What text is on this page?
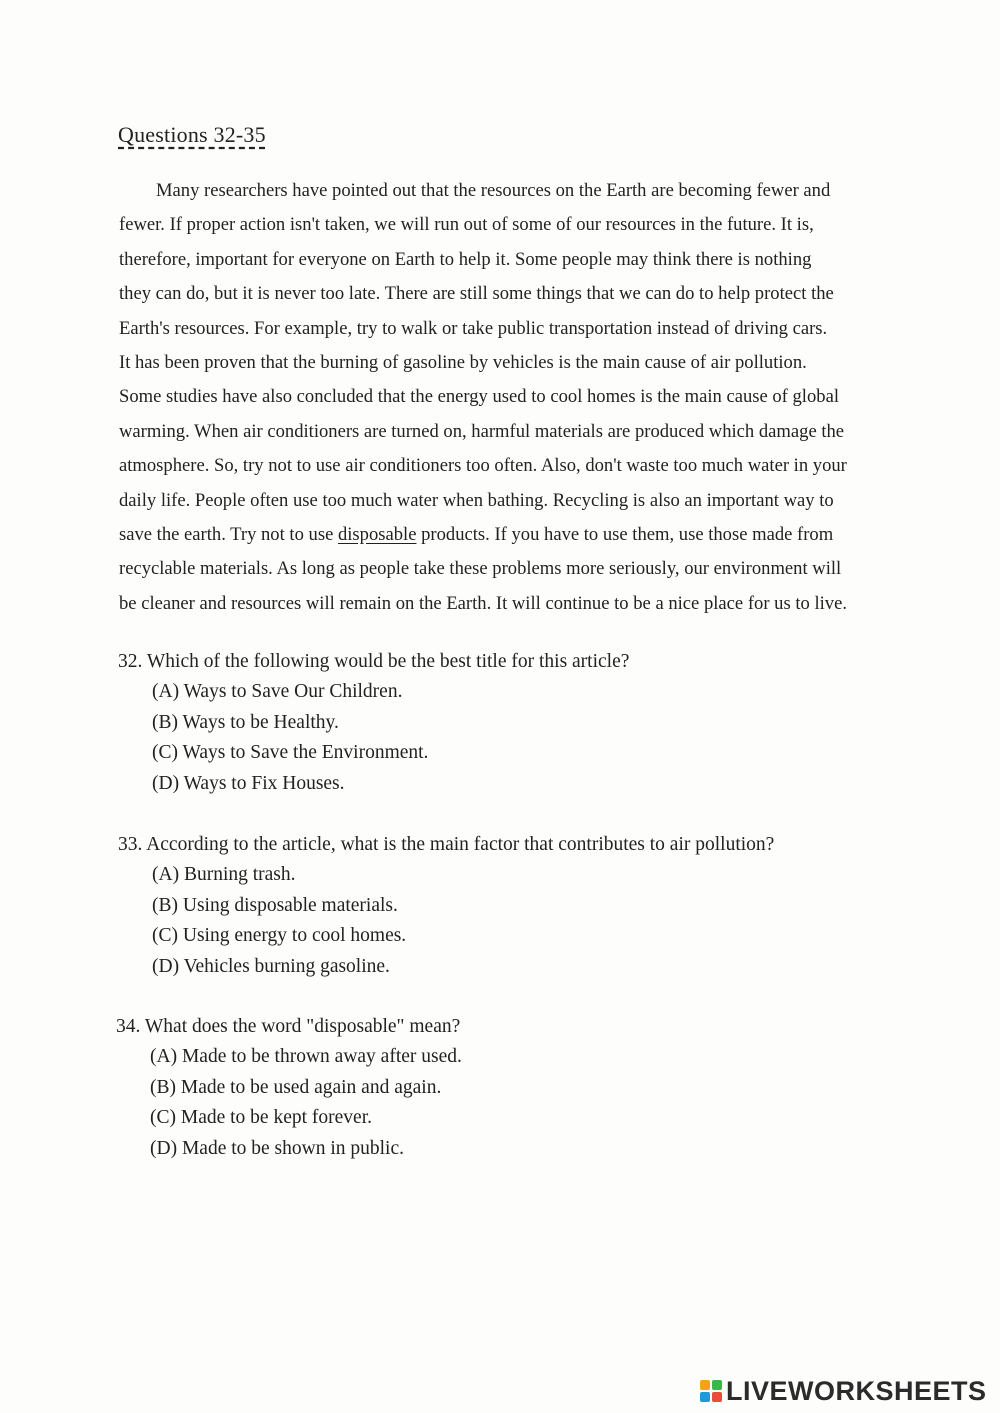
Questions 32-35
Many researchers have pointed out that the resources on the Earth are becoming fewer and
fewer. If proper action isn't taken, we will run out of some of our resources in the future. It is,
therefore, important for everyone on Earth to help it. Some people may think there is nothing
they can do, but it is never too late. There are still some things that we can do to help protect the
Earth's resources. For example, try to walk or take public transportation instead of driving cars.
It has been proven that the burning of gasoline by vehicles is the main cause of air pollution.
Some studies have also concluded that the energy used to cool homes is the main cause of global
warming. When air conditioners are turned on, harmful materials are produced which damage the
atmosphere. So, try not to use air conditioners too often. Also, don't waste too much water in your
daily life. People often use too much water when bathing. Recycling is also an important way to
save the earth. Try not to use disposable products. If you have to use them, use those made from
recyclable materials. As long as people take these problems more seriously, our environment will
be cleaner and resources will remain on the Earth. It will continue to be a nice place for us to live.
32. Which of the following would be the best title for this article?
(A) Ways to Save Our Children.
(B) Ways to be Healthy.
(C) Ways to Save the Environment.
(D) Ways to Fix Houses.
33. According to the article, what is the main factor that contributes to air pollution?
(A) Burning trash.
(B) Using disposable materials.
(C) Using energy to cool homes.
(D) Vehicles burning gasoline.
34. What does the word "disposable" mean?
(A) Made to be thrown away after used.
(B) Made to be used again and again.
(C) Made to be kept forever.
(D) Made to be shown in public.
LIVEWORKSHEETS
